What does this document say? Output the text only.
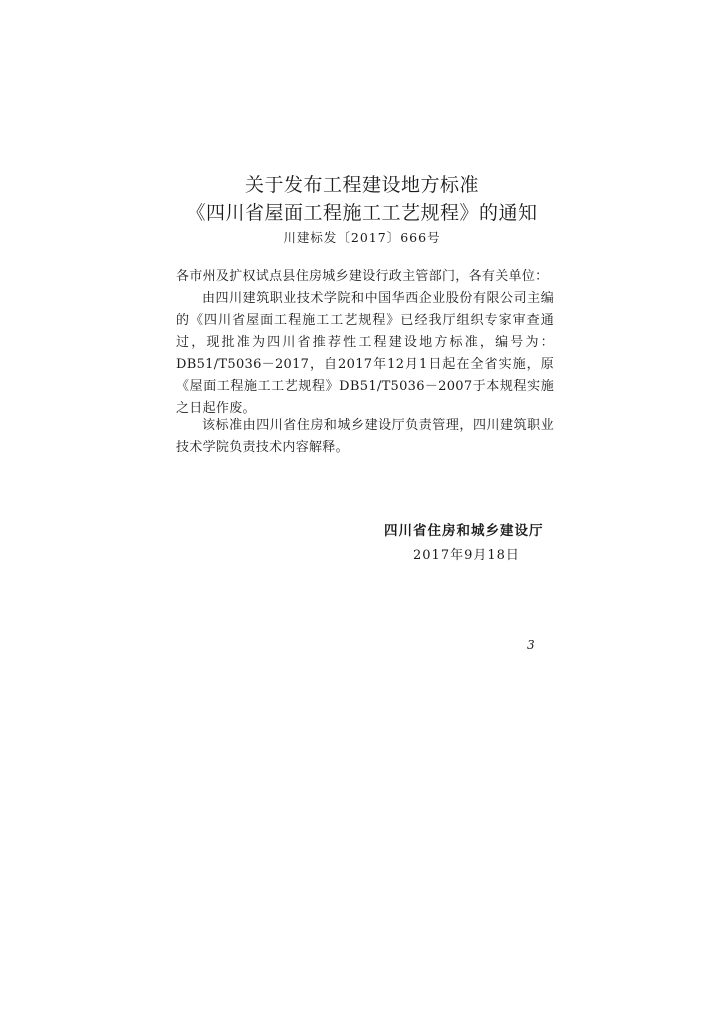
关于发布工程建设地方标准
《四川省屋面工程施工工艺规程》的通知
川建标发〔2017〕666号
各市州及扩权试点县住房城乡建设行政主管部门，各有关单位：

由四川建筑职业技术学院和中国华西企业股份有限公司主编的《四川省屋面工程施工工艺规程》已经我厅组织专家审查通过，现批准为四川省推荐性工程建设地方标准，编号为：DB51/T5036－2017，自2017年12月1日起在全省实施，原《屋面工程施工工艺规程》DB51/T5036－2007于本规程实施之日起作废。

该标准由四川省住房和城乡建设厅负责管理，四川建筑职业技术学院负责技术内容解释。

四川省住房和城乡建设厅
2017年9月18日
3
